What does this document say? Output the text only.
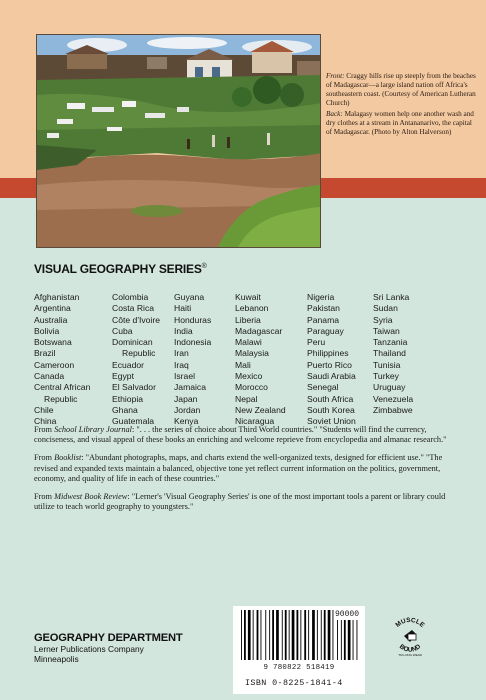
Front: Craggy hills rise up steeply from the beaches of Madagascar—a large island nation off Africa's southeastern coast. (Courtesy of American Lutheran Church)

Back: Malagasy women help one another wash and dry clothes at a stream in Antananarivo, the capital of Madagascar. (Photo by Alton Halverson)

VISUAL GEOGRAPHY SERIES®
Afghanistan
Argentina
Australia
Bolivia
Botswana
Brazil
Cameroon
Canada
Central African
Republic
Chile
China
Colombia
Costa Rica
Côte d'Ivoire
Cuba
Dominican
Republic
Ecuador
Egypt
El Salvador
Ethiopia
Ghana
Guatemala
Guyana
Haiti
Honduras
India
Indonesia
Iran
Iraq
Israel
Jamaica
Japan
Jordan
Kenya
Kuwait
Lebanon
Liberia
Madagascar
Malawi
Malaysia
Mali
Mexico
Morocco
Nepal
New Zealand
Nicaragua
Nigeria
Pakistan
Panama
Paraguay
Peru
Philippines
Puerto Rico
Saudi Arabia
Senegal
South Africa
South Korea
Soviet Union
Sri Lanka
Sudan
Syria
Taiwan
Tanzania
Thailand
Tunisia
Turkey
Uruguay
Venezuela
Zimbabwe

From School Library Journal: ". . . the series of choice about Third World countries." "Students will find the currency, conciseness, and visual appeal of these books an enriching and welcome reprieve from encyclopedia and almanac research."

From Booklist: "Abundant photographs, maps, and charts extend the well-organized texts, designed for efficient use." "The revised and expanded texts maintain a balanced, objective tone yet reflect current information on the politics, government, economy, and quality of life in each of these countries."

From Midwest Book Review: "Lerner's 'Visual Geography Series' is one of the most important tools a parent or library could utilize to teach world geography to youngsters."

GEOGRAPHY DEPARTMENT
Lerner Publications Company
Minneapolis
90000
9 780822 518419
ISBN 0-8225-1841-4
MUSCLE
BOUND
TM LONG WEAR
